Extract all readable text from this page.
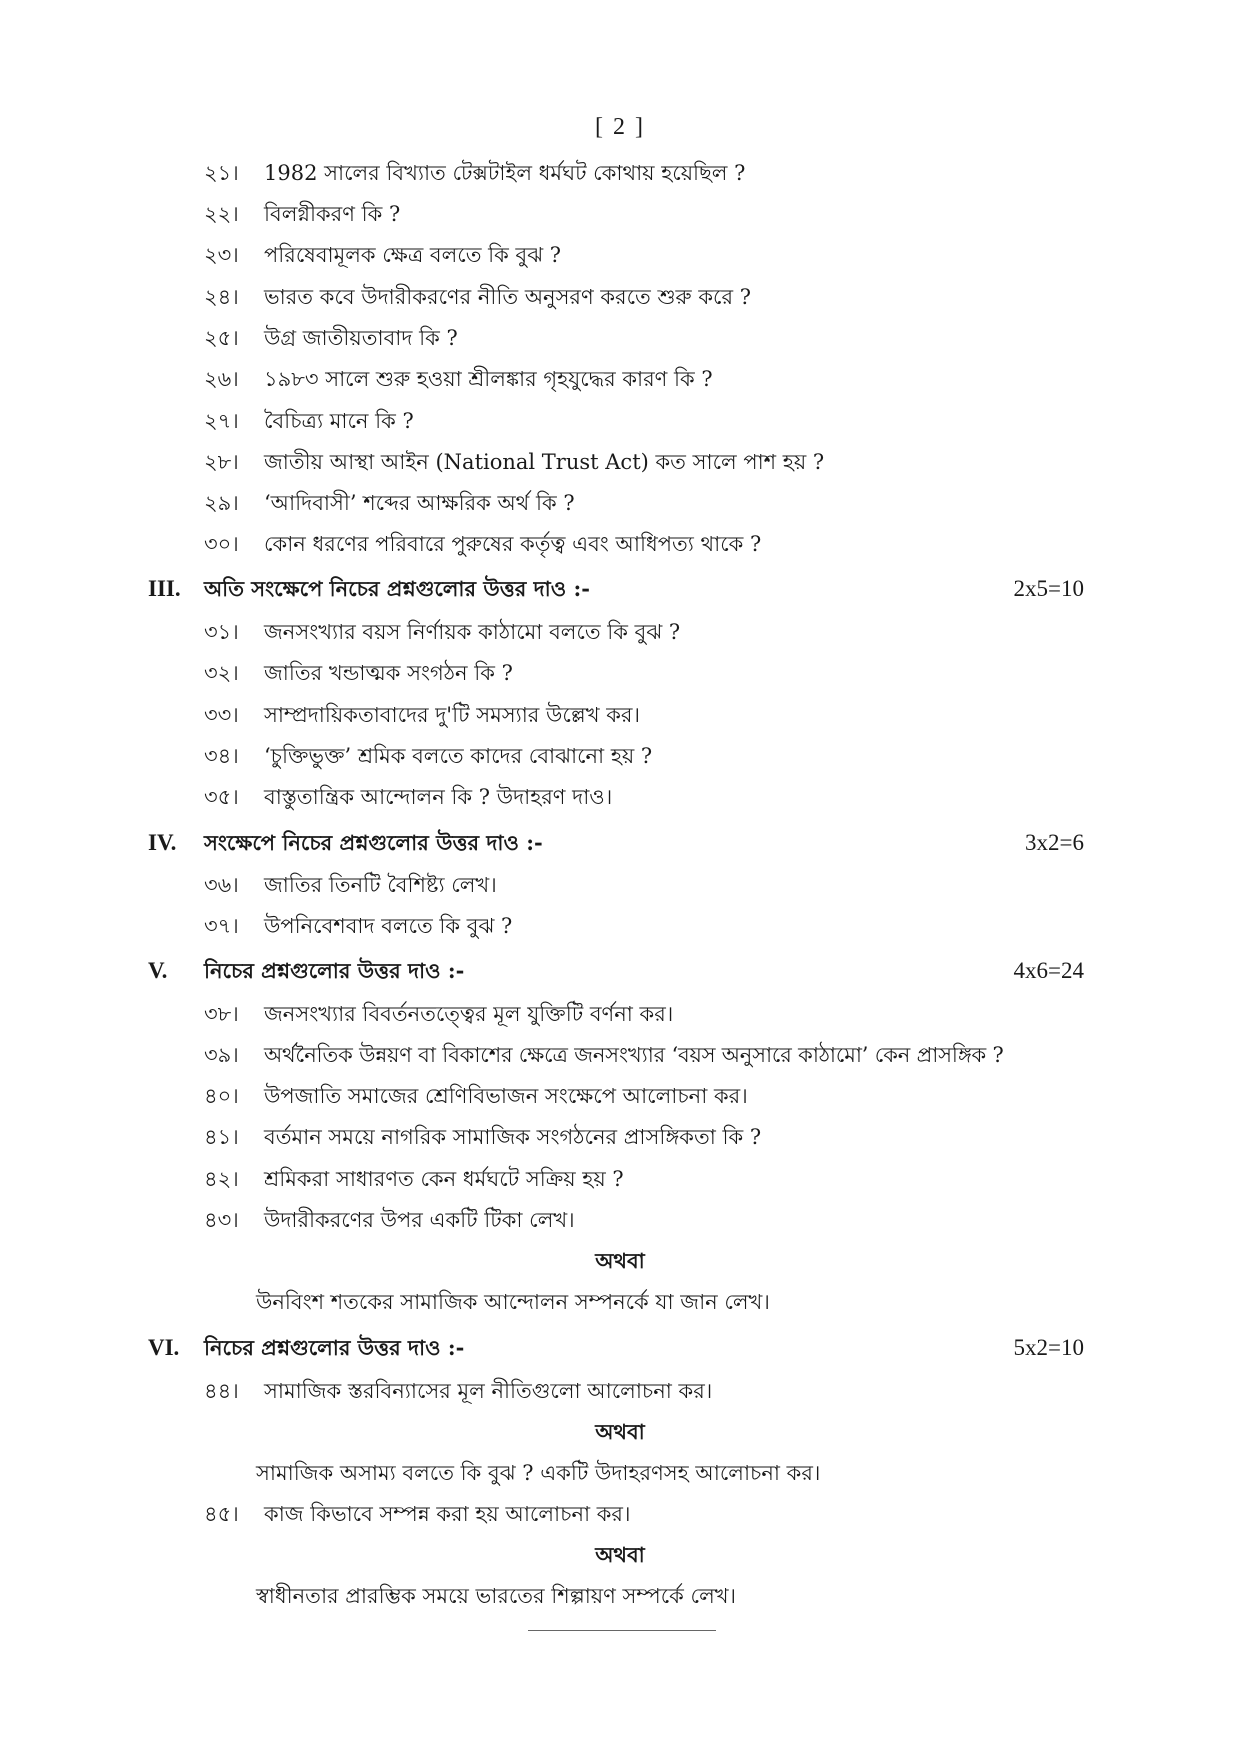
[ 2 ]
২১। 1982 সালের বিখ্যাত টেক্সটাইল ধর্মঘট কোথায় হয়েছিল ?
২২। বিলগ্নীকরণ কি ?
২৩। পরিষেবামূলক ক্ষেত্র বলতে কি বুঝ ?
২৪। ভারত কবে উদারীকরণের নীতি অনুসরণ করতে শুরু করে ?
২৫। উগ্র জাতীয়তাবাদ কি ?
২৬। ১৯৮৩ সালে শুরু হওয়া শ্রীলঙ্কার গৃহযুদ্ধের কারণ কি ?
২৭। বৈচিত্র্য মানে কি ?
২৮। জাতীয় আস্থা আইন (National Trust Act) কত সালে পাশ হয় ?
২৯। ‘আদিবাসী’ শব্দের আক্ষরিক অর্থ কি ?
৩০। কোন ধরণের পরিবারে পুরুষের কর্তৃত্ব এবং আধিপত্য থাকে ?
III. অতি সংক্ষেপে নিচের প্রশ্নগুলোর উত্তর দাও :-	2x5=10
৩১। জনসংখ্যার বয়স নির্ণায়ক কাঠামো বলতে কি বুঝ ?
৩২। জাতির খন্ডাত্মক সংগঠন কি ?
৩৩। সাম্প্রদায়িকতাবাদের দু'টি সমস্যার উল্লেখ কর।
৩৪। ‘চুক্তিভুক্ত’ শ্রমিক বলতে কাদের বোঝানো হয় ?
৩৫। বাস্তুতান্ত্রিক আন্দোলন কি ? উদাহরণ দাও।
IV. সংক্ষেপে নিচের প্রশ্নগুলোর উত্তর দাও :-	3x2=6
৩৬। জাতির তিনটি বৈশিষ্ট্য লেখ।
৩৭। উপনিবেশবাদ বলতে কি বুঝ ?
V. নিচের প্রশ্নগুলোর উত্তর দাও :-	4x6=24
৩৮। জনসংখ্যার বিবর্তনতত্ত্বের মূল যুক্তিটি বর্ণনা কর।
৩৯। অর্থনৈতিক উন্নয়ণ বা বিকাশের ক্ষেত্রে জনসংখ্যার ‘বয়স অনুসারে কাঠামো’ কেন প্রাসঙ্গিক ?
৪০। উপজাতি সমাজের শ্রেণিবিভাজন সংক্ষেপে আলোচনা কর।
৪১। বর্তমান সময়ে নাগরিক সামাজিক সংগঠনের প্রাসঙ্গিকতা কি ?
৪২। শ্রমিকরা সাধারণত কেন ধর্মঘটে সক্রিয় হয় ?
৪৩। উদারীকরণের উপর একটি টিকা লেখ।
অথবা
উনবিংশ শতকের সামাজিক আন্দোলন সম্পনর্কে যা জান লেখ।
VI. নিচের প্রশ্নগুলোর উত্তর দাও :-	5x2=10
৪৪। সামাজিক স্তরবিন্যাসের মূল নীতিগুলো আলোচনা কর।
অথবা
সামাজিক অসাম্য বলতে কি বুঝ ? একটি উদাহরণসহ আলোচনা কর।
৪৫। কাজ কিভাবে সম্পন্ন করা হয় আলোচনা কর।
অথবা
স্বাধীনতার প্রারম্ভিক সময়ে ভারতের শিল্পায়ণ সম্পর্কে লেখ।
